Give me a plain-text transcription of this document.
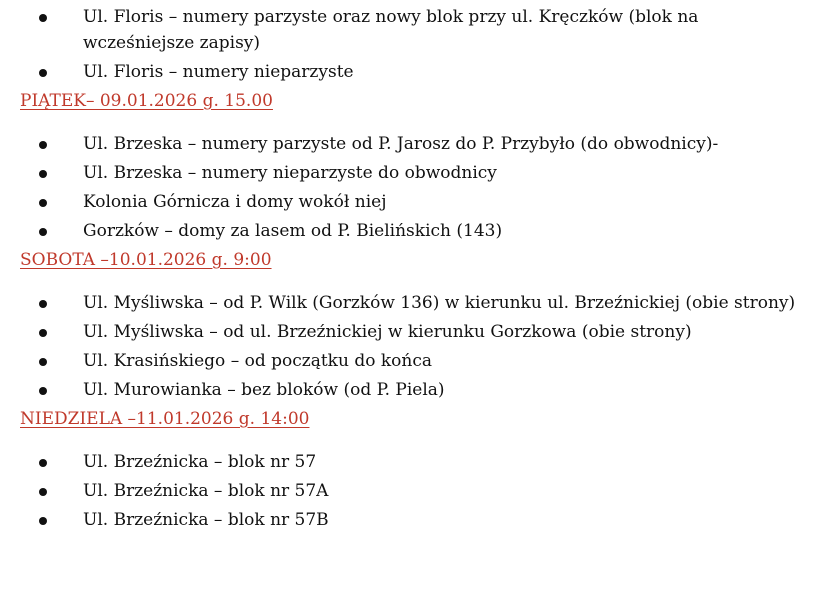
Ul. Floris – numery parzyste oraz nowy blok przy ul. Kręczków (blok na wcześniejsze zapisy)
Ul. Floris – numery nieparzyste
PIĄTEK– 09.01.2026 g. 15.00
Ul. Brzeska – numery parzyste od P. Jarosz do P. Przybyło (do obwodnicy)-
Ul. Brzeska – numery nieparzyste do obwodnicy
Kolonia Górnicza i domy wokół niej
Gorzków – domy za lasem od P. Bielińskich (143)
SOBOTA –10.01.2026 g. 9:00
Ul. Myśliwska – od P. Wilk (Gorzków 136) w kierunku ul. Brzeźnickiej (obie strony)
Ul. Myśliwska – od ul. Brzeźnickiej w kierunku Gorzkowa (obie strony)
Ul. Krasińskiego – od początku do końca
Ul. Murowianka – bez bloków (od P. Piela)
NIEDZIELA –11.01.2026 g. 14:00
Ul. Brzeźnicka – blok nr 57
Ul. Brzeźnicka – blok nr 57A
Ul. Brzeźnicka – blok nr 57B
